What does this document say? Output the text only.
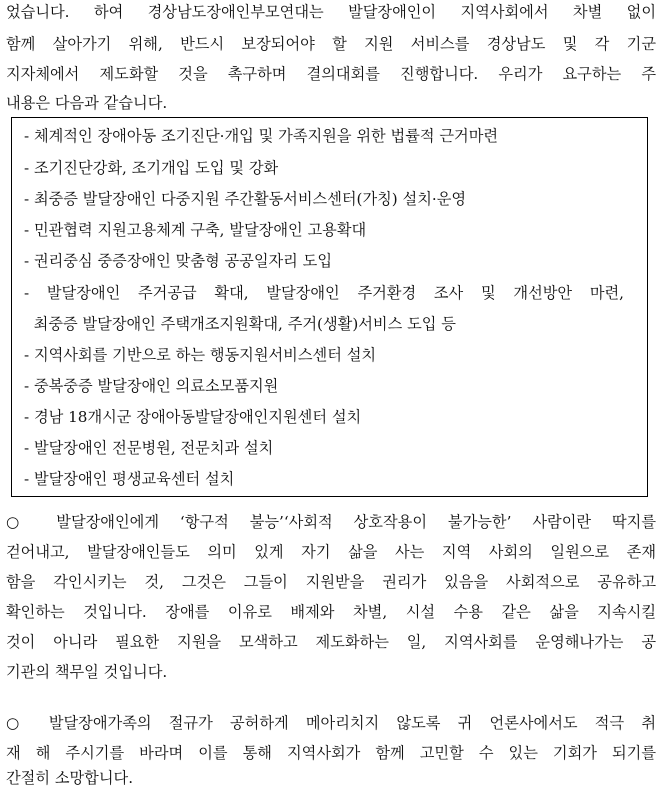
었습니다. 하여 경상남도장애인부모연대는 발달장애인이 지역사회에서 차별 없이
함께 살아가기 위해, 반드시 보장되어야 할 지원 서비스를 경상남도 및 각 기군
지자체에서 제도화할 것을 촉구하며 결의대회를 진행합니다. 우리가 요구하는 주
내용은 다음과 같습니다.
- 체계적인 장애아동 조기진단·개입 및 가족지원을 위한 법률적 근거마련
- 조기진단강화, 조기개입 도입 및 강화
- 최중증 발달장애인 다중지원 주간활동서비스센터(가칭) 설치·운영
- 민관협력 지원고용체계 구축, 발달장애인 고용확대
- 권리중심 중증장애인 맞춤형 공공일자리 도입
- 발달장애인 주거공급 확대, 발달장애인 주거환경 조사 및 개선방안 마련,
최중증 발달장애인 주택개조지원확대, 주거(생활)서비스 도입 등
- 지역사회를 기반으로 하는 행동지원서비스센터 설치
- 중복중증 발달장애인 의료소모품지원
- 경남 18개시군 장애아동발달장애인지원센터 설치
- 발달장애인 전문병원, 전문치과 설치
- 발달장애인 평생교육센터 설치
○ 발달장애인에게 ‘항구적 불능’‘사회적 상호작용이 불가능한’ 사람이란 딱지를
걷어내고, 발달장애인들도 의미 있게 자기 삶을 사는 지역 사회의 일원으로 존재
함을 각인시키는 것, 그것은 그들이 지원받을 권리가 있음을 사회적으로 공유하고
확인하는 것입니다. 장애를 이유로 배제와 차별, 시설 수용 같은 삶을 지속시킬
것이 아니라 필요한 지원을 모색하고 제도화하는 일, 지역사회를 운영해나가는 공
기관의 책무일 것입니다.
○ 발달장애가족의 절규가 공허하게 메아리치지 않도록 귀 언론사에서도 적극 취
재 해 주시기를 바라며 이를 통해 지역사회가 함께 고민할 수 있는 기회가 되기를
간절히 소망합니다.
